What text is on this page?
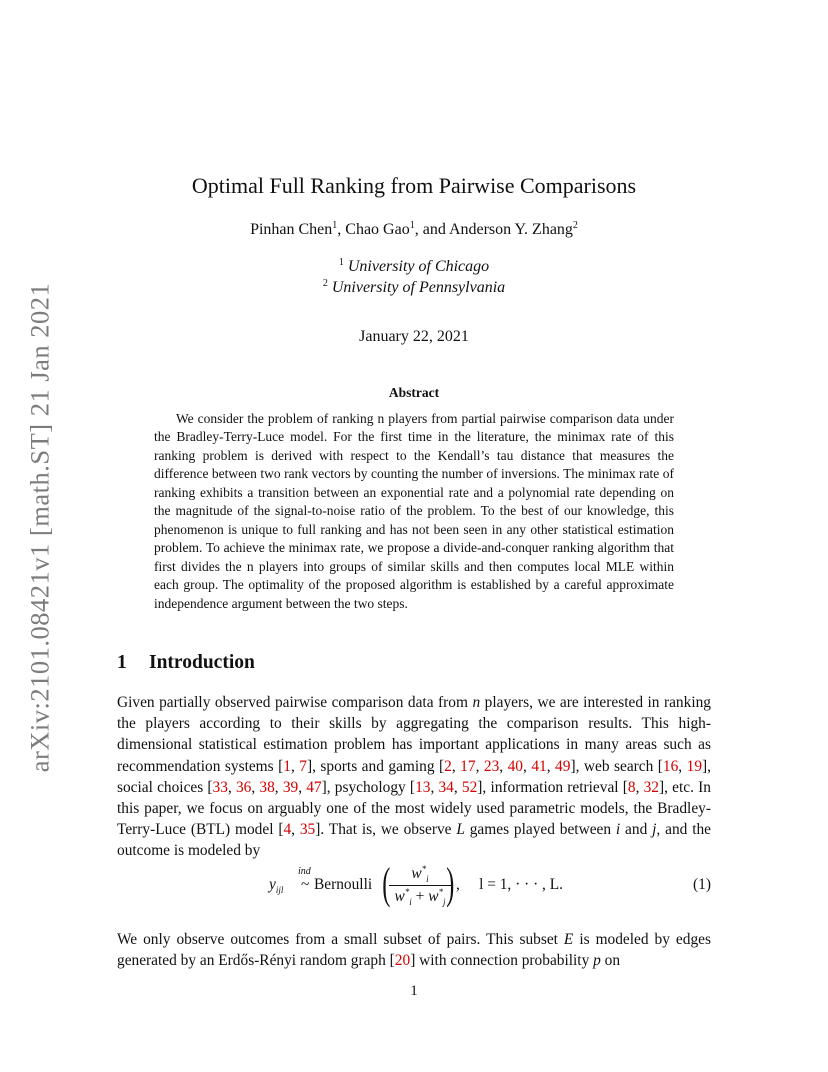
arXiv:2101.08421v1 [math.ST] 21 Jan 2021
Optimal Full Ranking from Pairwise Comparisons
Pinhan Chen$^1$, Chao Gao$^1$, and Anderson Y. Zhang$^2$
$^1$ University of Chicago
$^2$ University of Pennsylvania
January 22, 2021
Abstract

We consider the problem of ranking n players from partial pairwise comparison data under the Bradley-Terry-Luce model. For the first time in the literature, the minimax rate of this ranking problem is derived with respect to the Kendall’s tau distance that measures the difference between two rank vectors by counting the number of inversions. The minimax rate of ranking exhibits a transition between an exponential rate and a polynomial rate depending on the magnitude of the signal-to-noise ratio of the problem. To the best of our knowledge, this phenomenon is unique to full ranking and has not been seen in any other statistical estimation problem. To achieve the minimax rate, we propose a divide-and-conquer ranking algorithm that first divides the n players into groups of similar skills and then computes local MLE within each group. The optimality of the proposed algorithm is established by a careful approximate independence argument between the two steps.

1 Introduction

Given partially observed pairwise comparison data from n players, we are interested in ranking the players according to their skills by aggregating the comparison results. This high-dimensional statistical estimation problem has important applications in many areas such as recommendation systems [1, 7], sports and gaming [2, 17, 23, 40, 41, 49], web search [16, 19], social choices [33, 36, 38, 39, 47], psychology [13, 34, 52], information retrieval [8, 32], etc. In this paper, we focus on arguably one of the most widely used parametric models, the Bradley-Terry-Luce (BTL) model [4, 35]. That is, we observe L games played between i and j, and the outcome is modeled by

$y_{ijl}$
ind
~ Bernoulli (
$\frac{w^*_i}{w^*_i + w^*_j}$
) ,     l = 1, · · · , L.	(1)

We only observe outcomes from a small subset of pairs. This subset E is modeled by edges generated by an Erdős-Rényi random graph [20] with connection probability p on

1
